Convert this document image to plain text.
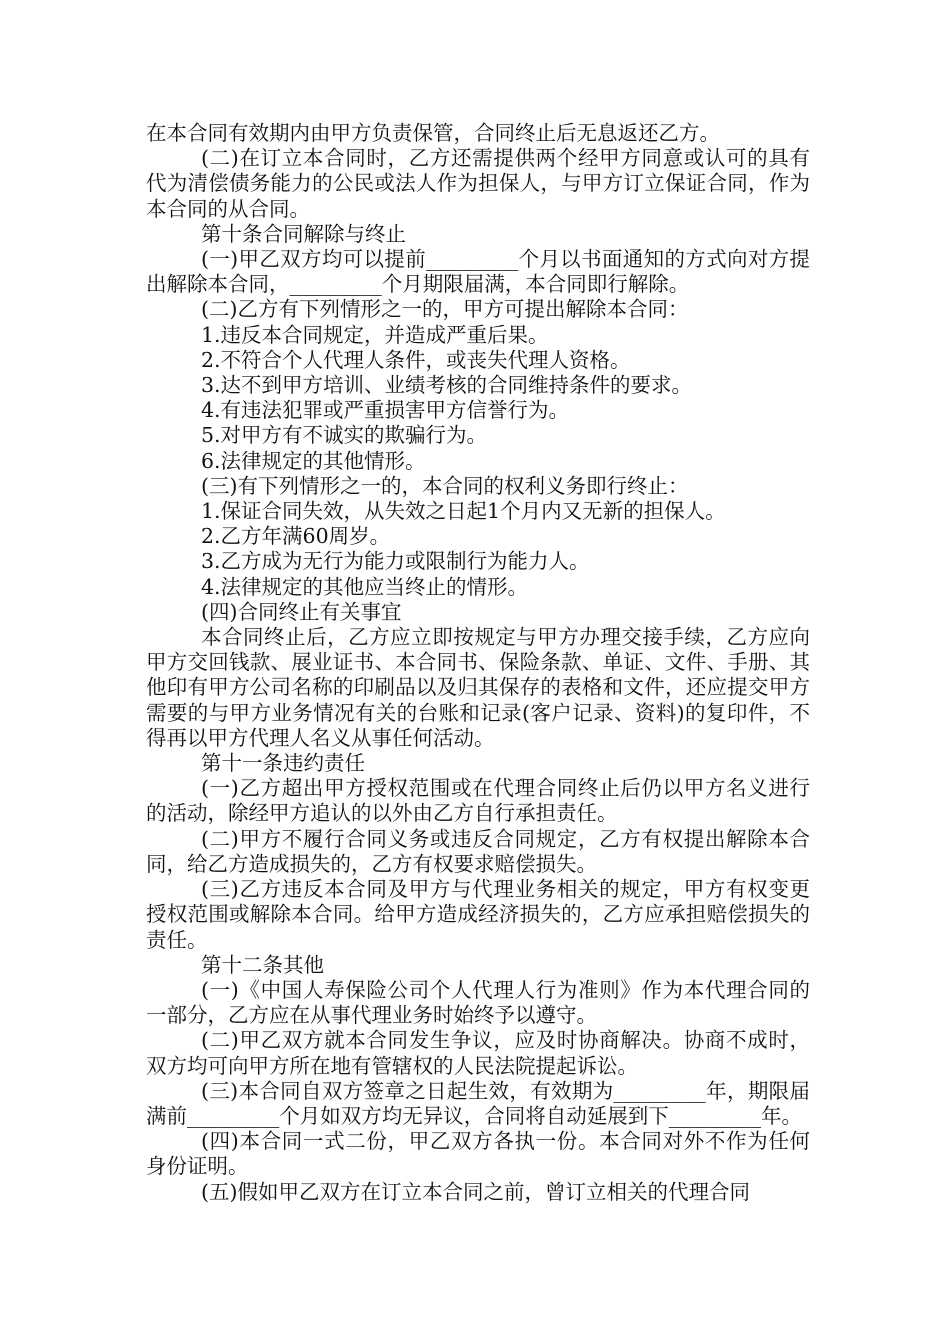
在本合同有效期内由甲方负责保管，合同终止后无息返还乙方。

(二)在订立本合同时，乙方还需提供两个经甲方同意或认可的具有代为清偿债务能力的公民或法人作为担保人，与甲方订立保证合同，作为本合同的从合同。

第十条合同解除与终止

(一)甲乙双方均可以提前_________个月以书面通知的方式向对方提出解除本合同，_________个月期限届满，本合同即行解除。

(二)乙方有下列情形之一的，甲方可提出解除本合同：

1.违反本合同规定，并造成严重后果。

2.不符合个人代理人条件，或丧失代理人资格。

3.达不到甲方培训、业绩考核的合同维持条件的要求。

4.有违法犯罪或严重损害甲方信誉行为。

5.对甲方有不诚实的欺骗行为。

6.法律规定的其他情形。

(三)有下列情形之一的，本合同的权利义务即行终止：

1.保证合同失效，从失效之日起1个月内又无新的担保人。

2.乙方年满60周岁。

3.乙方成为无行为能力或限制行为能力人。

4.法律规定的其他应当终止的情形。

(四)合同终止有关事宜

本合同终止后，乙方应立即按规定与甲方办理交接手续，乙方应向甲方交回钱款、展业证书、本合同书、保险条款、单证、文件、手册、其他印有甲方公司名称的印刷品以及归其保存的表格和文件，还应提交甲方需要的与甲方业务情况有关的台账和记录(客户记录、资料)的复印件，不得再以甲方代理人名义从事任何活动。

第十一条违约责任

(一)乙方超出甲方授权范围或在代理合同终止后仍以甲方名义进行的活动，除经甲方追认的以外由乙方自行承担责任。

(二)甲方不履行合同义务或违反合同规定，乙方有权提出解除本合同，给乙方造成损失的，乙方有权要求赔偿损失。

(三)乙方违反本合同及甲方与代理业务相关的规定，甲方有权变更授权范围或解除本合同。给甲方造成经济损失的，乙方应承担赔偿损失的责任。

第十二条其他

(一)《中国人寿保险公司个人代理人行为准则》作为本代理合同的一部分，乙方应在从事代理业务时始终予以遵守。

(二)甲乙双方就本合同发生争议，应及时协商解决。协商不成时，双方均可向甲方所在地有管辖权的人民法院提起诉讼。

(三)本合同自双方签章之日起生效，有效期为_________年，期限届满前_________个月如双方均无异议，合同将自动延展到下_________年。

(四)本合同一式二份，甲乙双方各执一份。本合同对外不作为任何身份证明。

(五)假如甲乙双方在订立本合同之前，曾订立相关的代理合同
